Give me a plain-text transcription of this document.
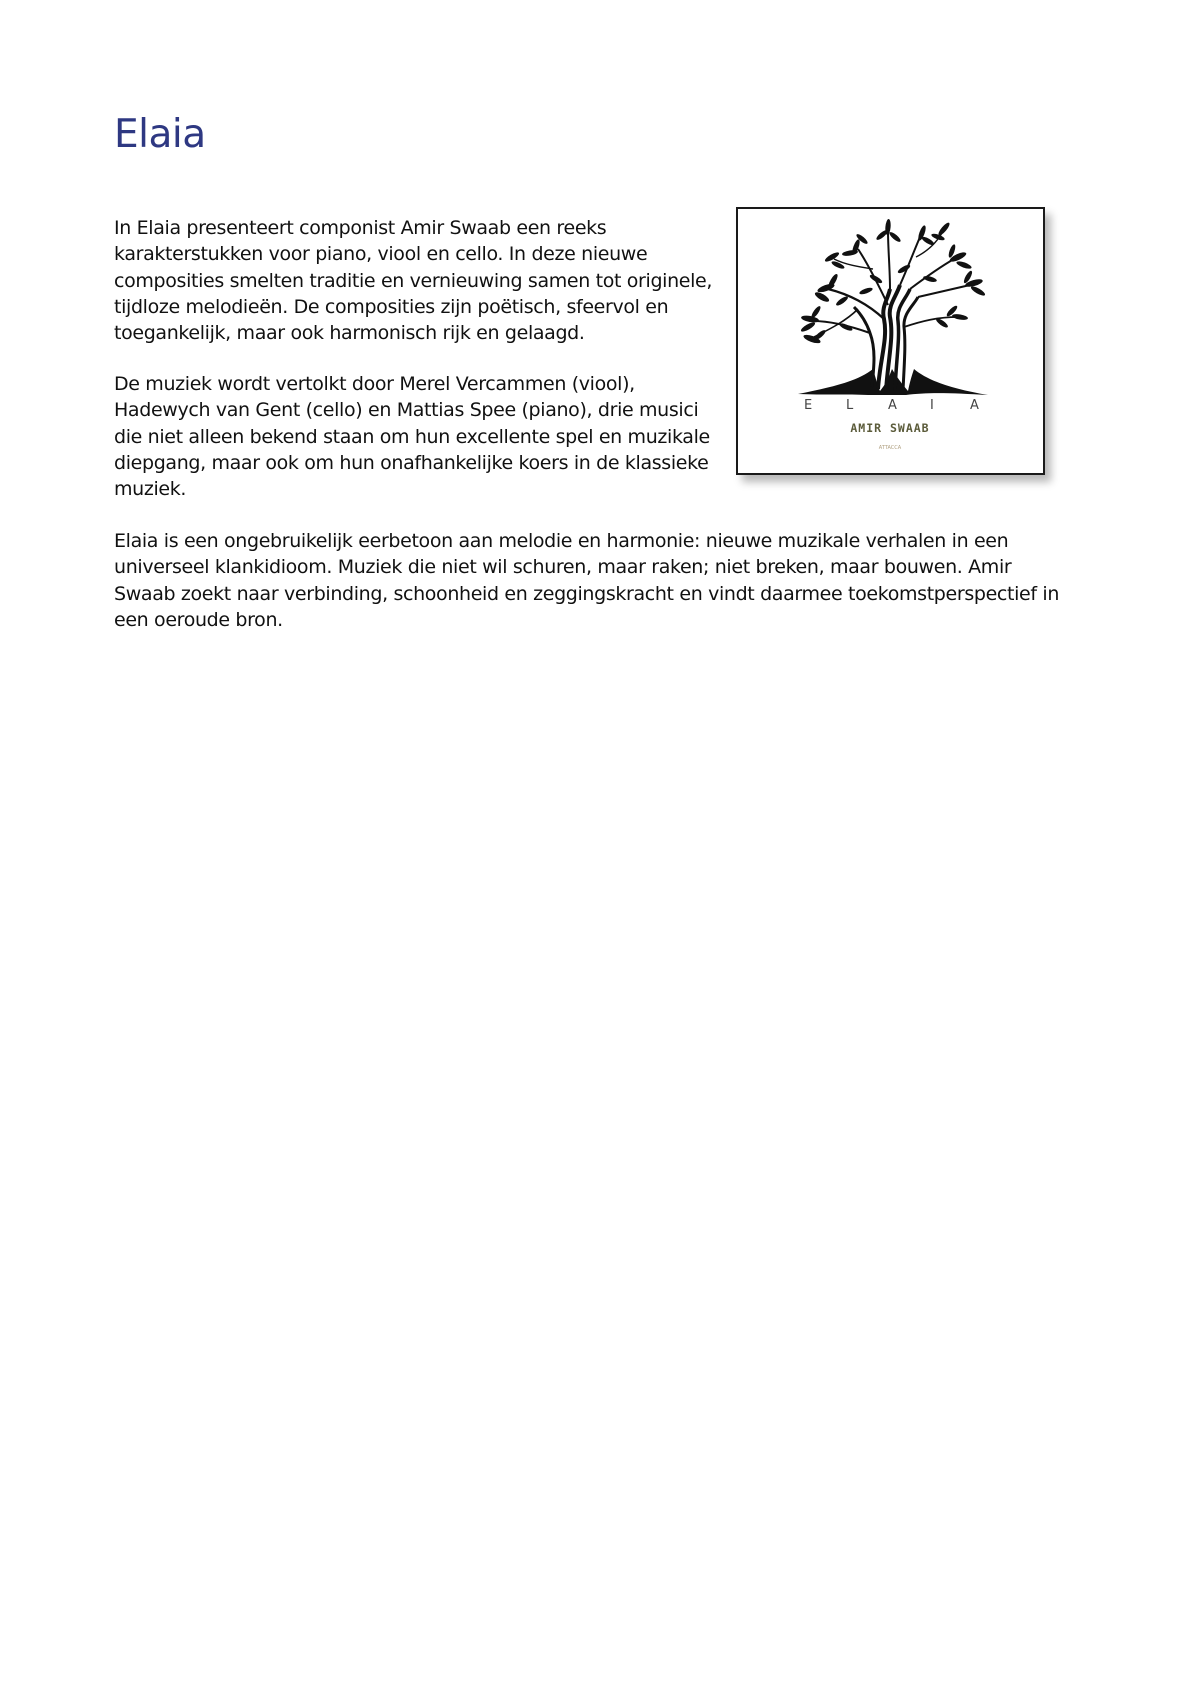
Elaia

In Elaia presenteert componist Amir Swaab een reeks karakterstukken voor piano, viool en cello. In deze nieuwe composities smelten traditie en vernieuwing samen tot originele, tijdloze melodieën. De composities zijn poëtisch, sfeervol en toegankelijk, maar ook harmonisch rijk en gelaagd.

De muziek wordt vertolkt door Merel Vercammen (viool), Hadewych van Gent (cello) en Mattias Spee (piano), drie musici die niet alleen bekend staan om hun excellente spel en muzikale diepgang, maar ook om hun onafhankelijke koers in de klassieke muziek.

Elaia is een ongebruikelijk eerbetoon aan melodie en harmonie: nieuwe muzikale verhalen in een universeel klankidioom. Muziek die niet wil schuren, maar raken; niet breken, maar bouwen. Amir Swaab zoekt naar verbinding, schoonheid en zeggingskracht en vindt daarmee toekomstperspectief in een oeroude bron.

E	L	A	I	A
AMIR SWAAB
ATTACCA
